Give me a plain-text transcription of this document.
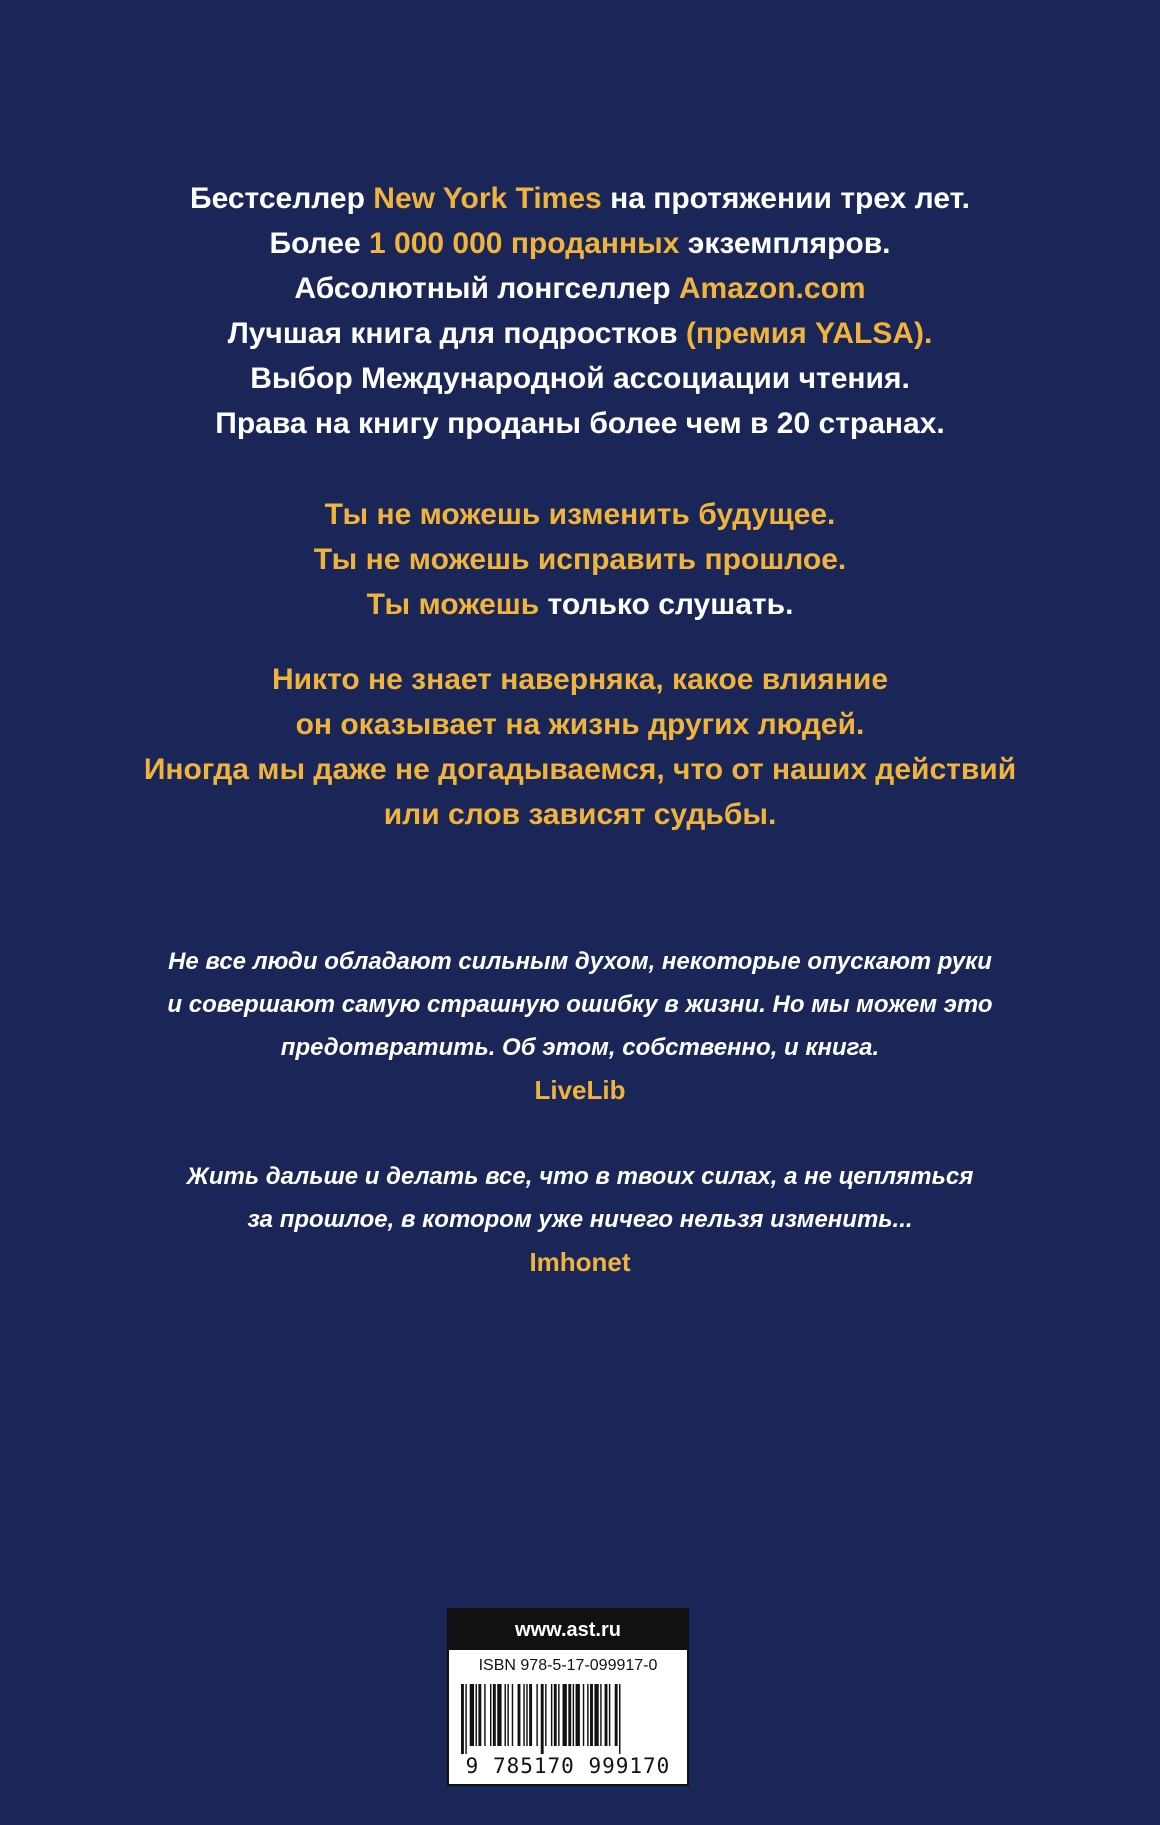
Бестселлер New York Times на протяжении трех лет.
Более 1 000 000 проданных экземпляров.
Абсолютный лонгселлер Amazon.com
Лучшая книга для подростков (премия YALSA).
Выбор Международной ассоциации чтения.
Права на книгу проданы более чем в 20 странах.
Ты не можешь изменить будущее.
Ты не можешь исправить прошлое.
Ты можешь только слушать.
Никто не знает наверняка, какое влияние
он оказывает на жизнь других людей.
Иногда мы даже не догадываемся, что от наших действий
или слов зависят судьбы.
Не все люди обладают сильным духом, некоторые опускают руки
и совершают самую страшную ошибку в жизни. Но мы можем это
предотвратить. Об этом, собственно, и книга.
LiveLib
Жить дальше и делать все, что в твоих силах, а не цепляться
за прошлое, в котором уже ничего нельзя изменить...
Imhonet
www.ast.ru
ISBN 978-5-17-099917-0
9 785170 999170
